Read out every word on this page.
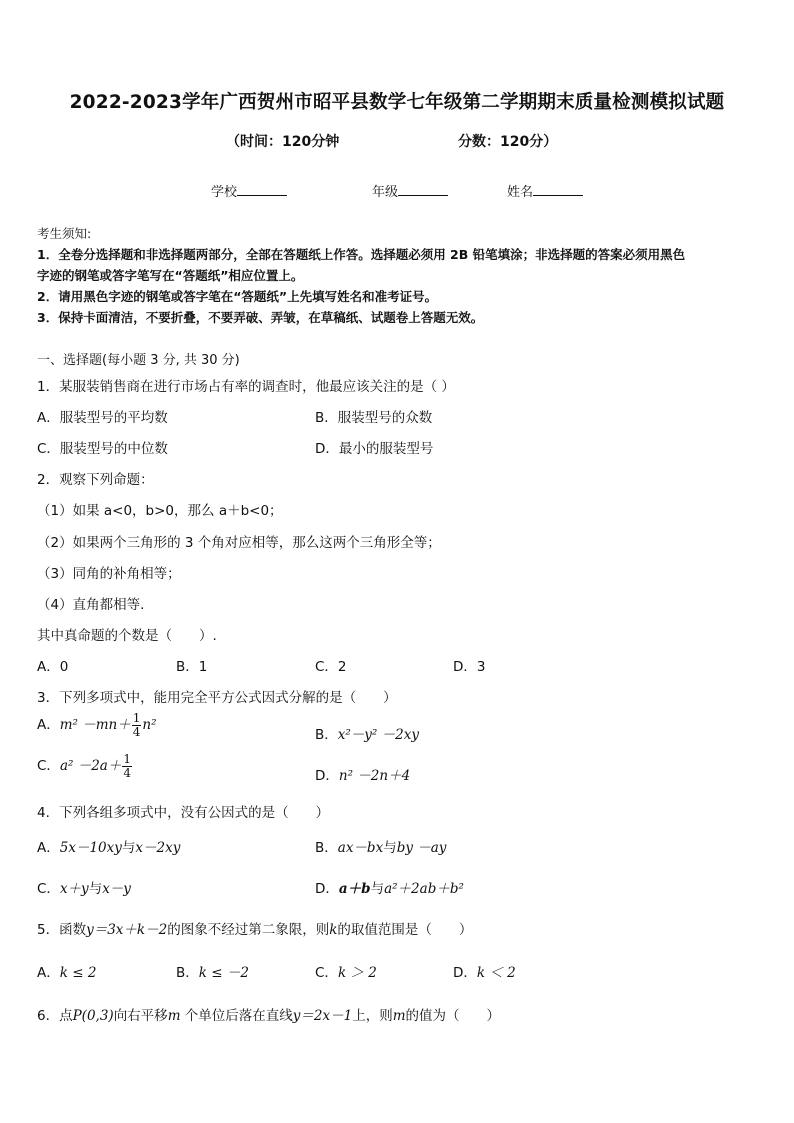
2022-2023学年广西贺州市昭平县数学七年级第二学期期末质量检测模拟试题
（时间：120分钟	分数：120分）
学校	年级	姓名
考生须知:
1．全卷分选择题和非选择题两部分，全部在答题纸上作答。选择题必须用 2B 铅笔填涂；非选择题的答案必须用黑色
字迹的钢笔或答字笔写在“答题纸”相应位置上。
2．请用黑色字迹的钢笔或答字笔在“答题纸”上先填写姓名和准考证号。
3．保持卡面清洁，不要折叠，不要弄破、弄皱，在草稿纸、试题卷上答题无效。
一、选择题(每小题 3 分, 共 30 分)
1．某服装销售商在进行市场占有率的调查时，他最应该关注的是（ ）
A．服装型号的平均数	B．服装型号的众数
C．服装型号的中位数	D．最小的服装型号
2．观察下列命题：
（1）如果 a<0，b>0，那么 a＋b<0；
（2）如果两个三角形的 3 个角对应相等，那么这两个三角形全等；
（3）同角的补角相等；
（4）直角都相等.
其中真命题的个数是（　　）.
A．0	B．1	C．2	D．3
3．下列多项式中，能用完全平方公式因式分解的是（　　）
A．$m^2 -mn+ \frac{1}{4} n^2$
B．x²－y² －2xy
C．$a^2 -2a+ \frac{1}{4}$	D．n² －2n＋4
4．下列各组多项式中，没有公因式的是（　　）
A．5x－10xy与x－2xy	B．ax－bx与by －ay
C．x＋y与x－y	D．a＋b与a²＋2ab＋b²
5．函数y＝3x＋k－2的图象不经过第二象限，则k的取值范围是（　　）
A．k ≤ 2	B．k ≤ －2	C．k ＞ 2	D．k ＜ 2
6．点P(0,3)向右平移m 个单位后落在直线y＝2x－1上，则m的值为（　　）
